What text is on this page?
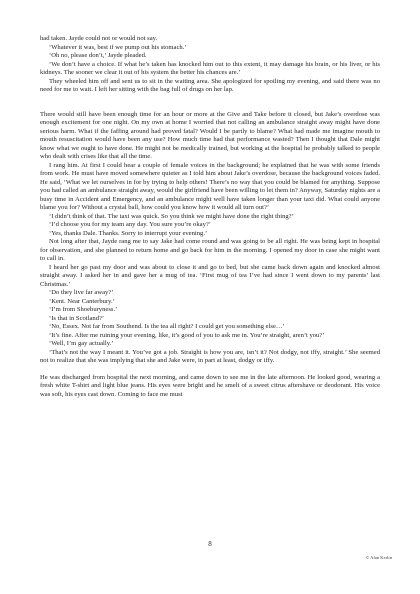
had taken. Jayde could not or would not say.

‘Whatever it was, best if we pump out his stomach.’

‘Oh no, please don’t,’ Jayde pleaded.

‘We don’t have a choice. If what he’s taken has knocked him out to this extent, it may damage his brain, or his liver, or his kidneys. The sooner we clear it out of his system the better his chances are.’

They wheeled him off and sent us to sit in the waiting area. She apologized for spoiling my evening, and said there was no need for me to wait. I left her sitting with the bag full of drugs on her lap.

There would still have been enough time for an hour or more at the Give and Take before it closed, but Jake’s overdose was enough excitement for one night. On my own at home I worried that not calling an ambulance straight away might have done serious harm. What if the faffing around had proved fatal? Would I be partly to blame? What had made me imagine mouth to mouth resuscitation would have been any use? How much time had that performance wasted? Then I thought that Dale might know what we ought to have done. He might not be medically trained, but working at the hospital he probably talked to people who dealt with crises like that all the time.

I rang him. At first I could hear a couple of female voices in the background; he explained that he was with some friends from work. He must have moved somewhere quieter as I told him about Jake’s overdose, because the background voices faded. He said, ‘What we let ourselves in for by trying to help others! There’s no way that you could be blamed for anything. Suppose you had called an ambulance straight away, would the girlfriend have been willing to let them in? Anyway, Saturday nights are a busy time in Accident and Emergency, and an ambulance might well have taken longer than your taxi did. What could anyone blame you for? Without a crystal ball, how could you know how it would all turn out?’

‘I didn’t think of that. The taxi was quick. So you think we might have done the right thing?’

‘I’d choose you for my team any day. You sure you’re okay?’

‘Yes, thanks Dale. Thanks. Sorry to interrupt your evening.’

Not long after that, Jayde rang me to say Jake had come round and was going to be all right. He was being kept in hospital for observation, and she planned to return home and go back for him in the morning. I opened my door in case she might want to call in.

I heard her go past my door and was about to close it and go to bed, but she came back down again and knocked almost straight away. I asked her in and gave her a mug of tea. ‘First mug of tea I’ve had since I went down to my parents’ last Christmas.’

‘Do they live far away?’

‘Kent. Near Canterbury.’

‘I’m from Shoeburyness.’

‘Is that in Scotland?’

‘No, Essex. Not far from Southend. Is the tea all right? I could get you something else…’

‘It’s fine. After me ruining your evening, like, it’s good of you to ask me in. You’re straight, aren’t you?’

‘Well, I’m gay actually.’

‘That’s not the way I meant it. You’ve got a job. Straight is how you are, isn’t it? Not dodgy, not iffy, straight.’ She seemed not to realize that she was implying that she and Jake were, in part at least, dodgy or iffy.

He was discharged from hospital the next morning, and came down to see me in the late afternoon. He looked good, wearing a fresh white T-shirt and light blue jeans. His eyes were bright and he smelt of a sweet citrus aftershave or deodorant. His voice was soft, his eyes cast down. Coming to face me must

8
© Alan Kerlin
